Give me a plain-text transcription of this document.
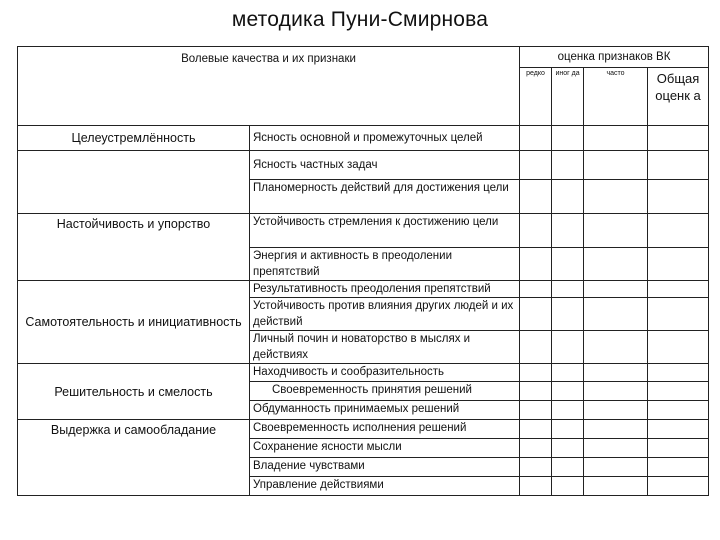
методика Пуни-Смирнова
Волевые качества и их признаки		оценка признаков ВК			
		редко	иног да	часто	Общая оценк а
Целеустремлённость	Ясность основной и промежуточных целей				
	Ясность частных задач				
	Планомерность действий для достижения цели				
Настойчивость и упорство	Устойчивость стремления к достижению цели				
	Энергия и активность в преодолении препятствий				
Самотоятельность и инициативность	Результативность преодоления препятствий				
	Устойчивость против влияния других людей и их действий				
	Личный почин и новаторство в мыслях и действиях				
Решительность и смелость	Находчивость и сообразительность				
	Своевременность принятия решений				
	Обдуманность принимаемых решений				
Выдержка и самообладание	Своевременность исполнения решений				
	Сохранение ясности мысли				
	Владение чувствами				
	Управление действиями				
